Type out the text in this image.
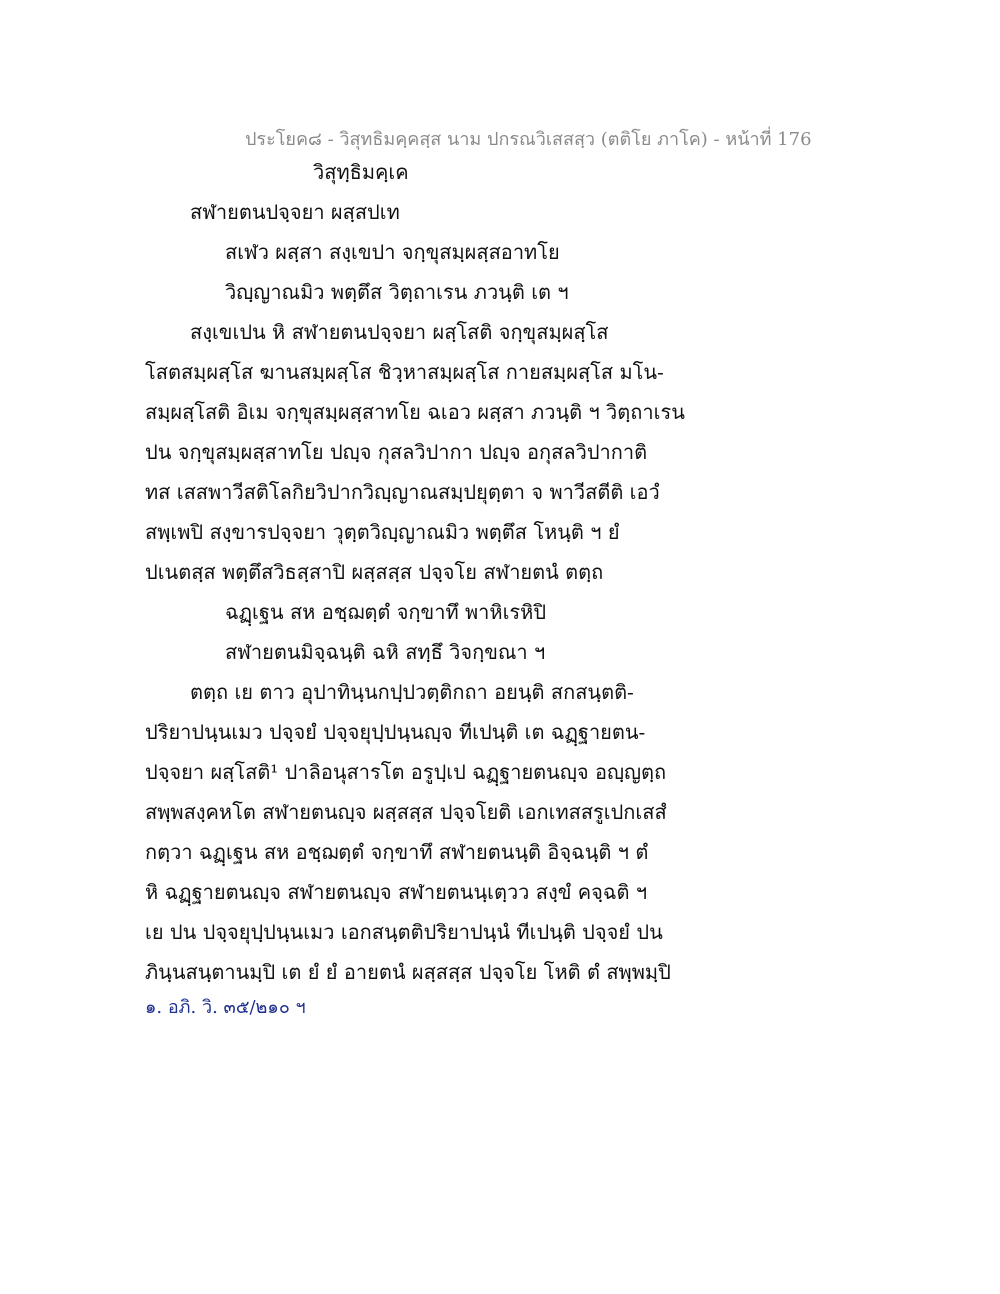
ประโยค๘ - วิสุทธิมคฺคสฺส นาม ปกรณวิเสสสฺว (ตติโย ภาโค) - หน้าที่ 176
วิสุทฺธิมคฺเค
สฬายตนปจฺจยา ผสฺสปเท
สเฬว ผสฺสา สงฺเขปา จกฺขุสมฺผสฺสอาทโย
วิญฺญาณมิว พตฺตึส วิตฺถาเรน ภวนฺติ เต ฯ
สงฺเขเปน หิ สฬายตนปจฺจยา ผสฺโสติ จกฺขุสมฺผสฺโส
โสตสมฺผสฺโส ฆานสมฺผสฺโส ชิวฺหาสมฺผสฺโส กายสมฺผสฺโส มโน-
สมฺผสฺโสติ อิเม จกฺขุสมฺผสฺสาทโย ฉเอว ผสฺสา ภวนฺติ ฯ วิตฺถาเรน
ปน จกฺขุสมฺผสฺสาทโย ปญฺจ กุสลวิปากา ปญฺจ อกุสลวิปากาติ
ทส เสสพาวีสติโลกิยวิปากวิญฺญาณสมฺปยุตฺตา จ พาวีสตีติ เอวํ
สพฺเพปิ สงฺขารปจฺจยา วุตฺตวิญฺญาณมิว พตฺตึส โหนฺติ ฯ ยํ
ปเนตสฺส พตฺตึสวิธสฺสาปิ ผสฺสสฺส ปจฺจโย สฬายตนํ ตตฺถ
ฉฏฺเฐน สห อชฺฌตฺตํ จกฺขาทึ พาหิเรหิปิ
สฬายตนมิจฺฉนฺติ ฉหิ สทฺธึ วิจกฺขณา ฯ
ตตฺถ เย ตาว อุปาทินฺนกปฺปวตฺติกถา อยนฺติ สกสนฺตติ-
ปริยาปนฺนเมว ปจฺจยํ ปจฺจยุปฺปนฺนญฺจ ทีเปนฺติ เต ฉฏฺฐายตน-
ปจฺจยา ผสฺโสติ¹ ปาลิอนุสารโต อรูปฺเป ฉฏฺฐายตนญฺจ อญฺญตฺถ
สพฺพสงฺคหโต สฬายตนญฺจ ผสฺสสฺส ปจฺจโยติ เอกเทสสรูเปกเสสํ
กตฺวา ฉฏฺเฐน สห อชฺฌตฺตํ จกฺขาทึ สฬายตนนฺติ อิจฺฉนฺติ ฯ ตํ
หิ ฉฏฺฐายตนญฺจ สฬายตนญฺจ สฬายตนนฺเตฺวว สงฺขํ คจฺฉติ ฯ
เย ปน ปจฺจยุปฺปนฺนเมว เอกสนฺตติปริยาปนฺนํ ทีเปนฺติ ปจฺจยํ ปน
ภินฺนสนฺตานมฺปิ เต ยํ ยํ อายตนํ ผสฺสสฺส ปจฺจโย โหติ ตํ สพฺพมฺปิ
๑. อภิ. วิ. ๓๕/๒๑๐ ฯ
